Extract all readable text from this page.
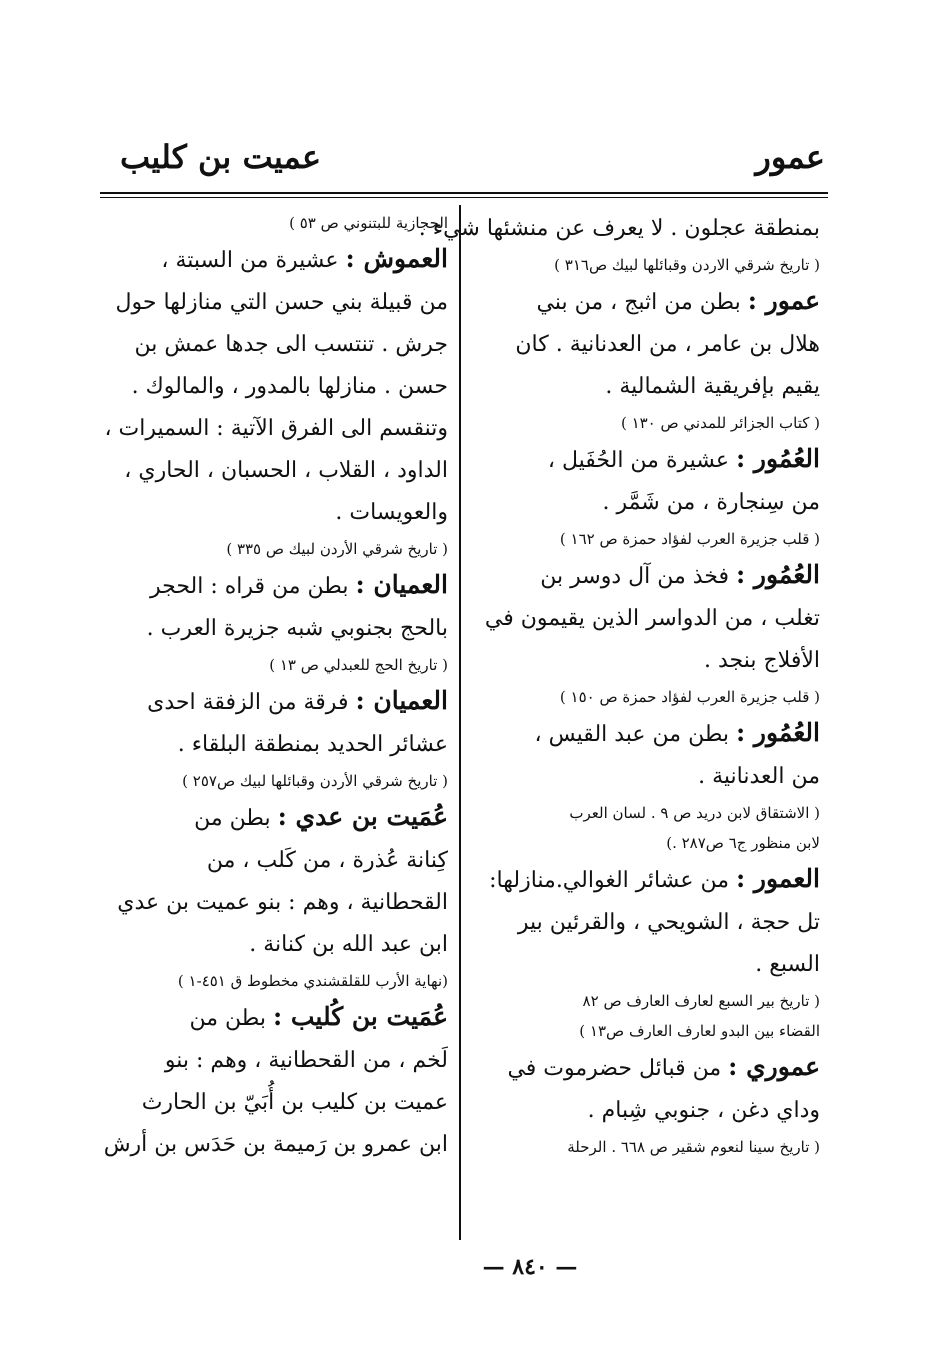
عمور
عميت بن كليب
بمنطقة عجلون . لا يعرف عن منشئها شيء .
( تاريخ شرقي الاردن وقبائلها لبيك ص٣١٦ )
عمور : بطن من اثبج ، من بني
هلال بن عامر ، من العدنانية . كان
يقيم بإفريقية الشمالية .
( كتاب الجزائر للمدني ص ١٣٠ )
العُمُور : عشيرة من الحُفَيل ،
من سِنجارة ، من شَمَّر .
( قلب جزيرة العرب لفؤاد حمزة ص ١٦٢ )
العُمُور : فخذ من آل دوسر بن
تغلب ، من الدواسر الذين يقيمون في
الأفلاج بنجد .
( قلب جزيرة العرب لفؤاد حمزة ص ١٥٠ )
العُمُور : بطن من عبد القيس ،
من العدنانية .
( الاشتقاق لابن دريد ص ٩ . لسان العرب
لابن منظور ج٦ ص٢٨٧ .)
العمور : من عشائر الغوالي.منازلها:
تل حجة ، الشويحي ، والقرئين بير
السبع .
( تاريخ بير السبع لعارف العارف ص ٨٢
القضاء بين البدو لعارف العارف ص١٣ )
عموري : من قبائل حضرموت في
وداي دغن ، جنوبي شِبام .
( تاريخ سينا لنعوم شقير ص ٦٦٨ . الرحلة
الحجازية للبتنوني ص ٥٣ )
العموش : عشيرة من السبتة ،
من قبيلة بني حسن التي منازلها حول
جرش . تنتسب الى جدها عمش بن
حسن . منازلها بالمدور ، والمالوك .
وتنقسم الى الفرق الآتية : السميرات ،
الداود ، القلاب ، الحسبان ، الحاري ،
والعويسات .
( تاريخ شرقي الأردن لبيك ص ٣٣٥ )
العميان : بطن من قراه : الحجر
بالحج بجنوبي شبه جزيرة العرب .
( تاريخ الحج للعبدلي ص ١٣ )
العميان : فرقة من الزفقة احدى
عشائر الحديد بمنطقة البلقاء .
( تاريخ شرقي الأردن وقبائلها لبيك ص٢٥٧ )
عُمَيت بن عدي : بطن من
كِنانة عُذرة ، من كَلب ، من
القحطانية ، وهم : بنو عميت بن عدي
ابن عبد الله بن كنانة .
(نهاية الأرب للقلقشندي مخطوط ق ٤٥١-١ )
عُمَيت بن كُليب : بطن من
لَخم ، من القحطانية ، وهم : بنو
عميت بن كليب بن أُبَيّ بن الحارث
ابن عمرو بن رَميمة بن حَدَس بن أرش
— ٨٤٠ —
